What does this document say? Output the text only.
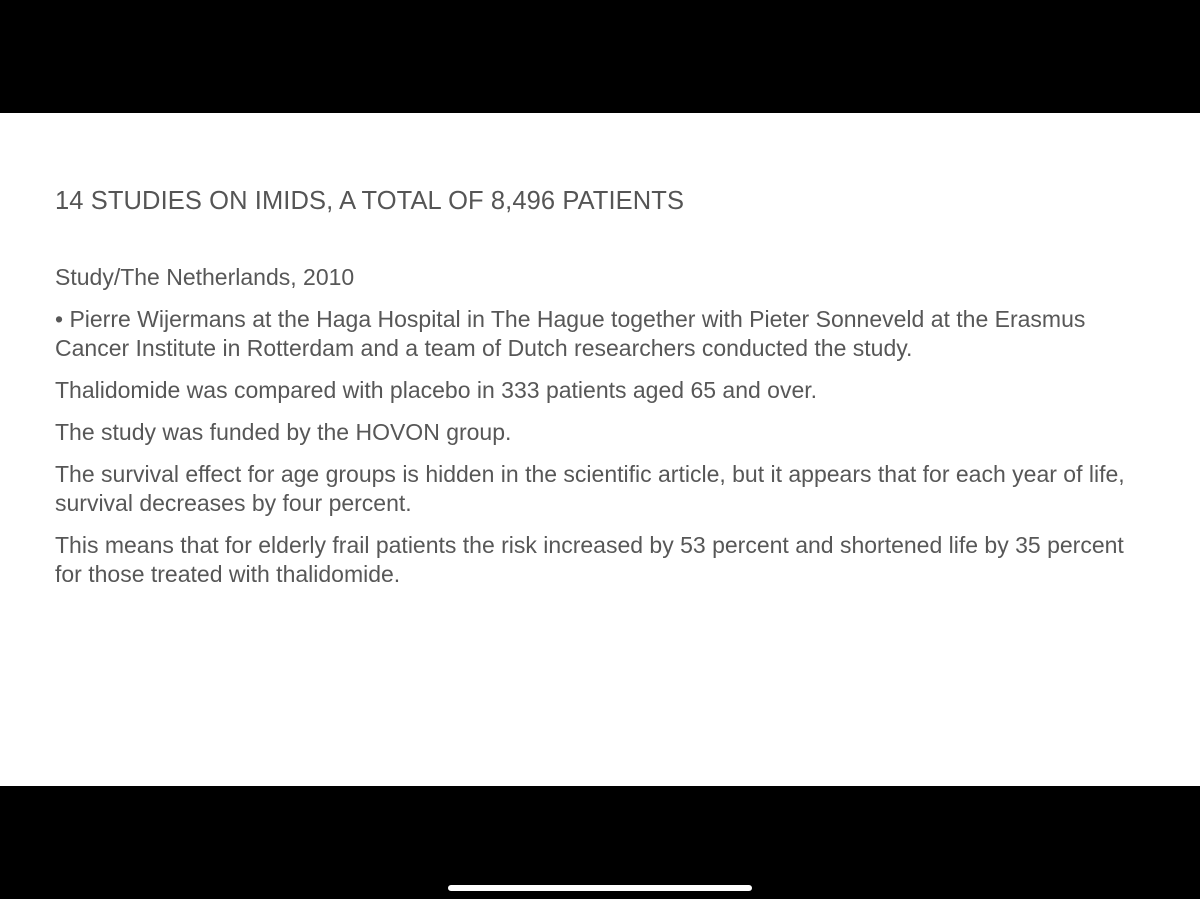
14 STUDIES ON IMIDS, A TOTAL OF 8,496 PATIENTS

Study/The Netherlands, 2010

• Pierre Wijermans at the Haga Hospital in The Hague together with Pieter Sonneveld at the Erasmus Cancer Institute in Rotterdam and a team of Dutch researchers conducted the study.

Thalidomide was compared with placebo in 333 patients aged 65 and over.

The study was funded by the HOVON group.

The survival effect for age groups is hidden in the scientific article, but it appears that for each year of life, survival decreases by four percent.

This means that for elderly frail patients the risk increased by 53 percent and shortened life by 35 percent for those treated with thalidomide.
